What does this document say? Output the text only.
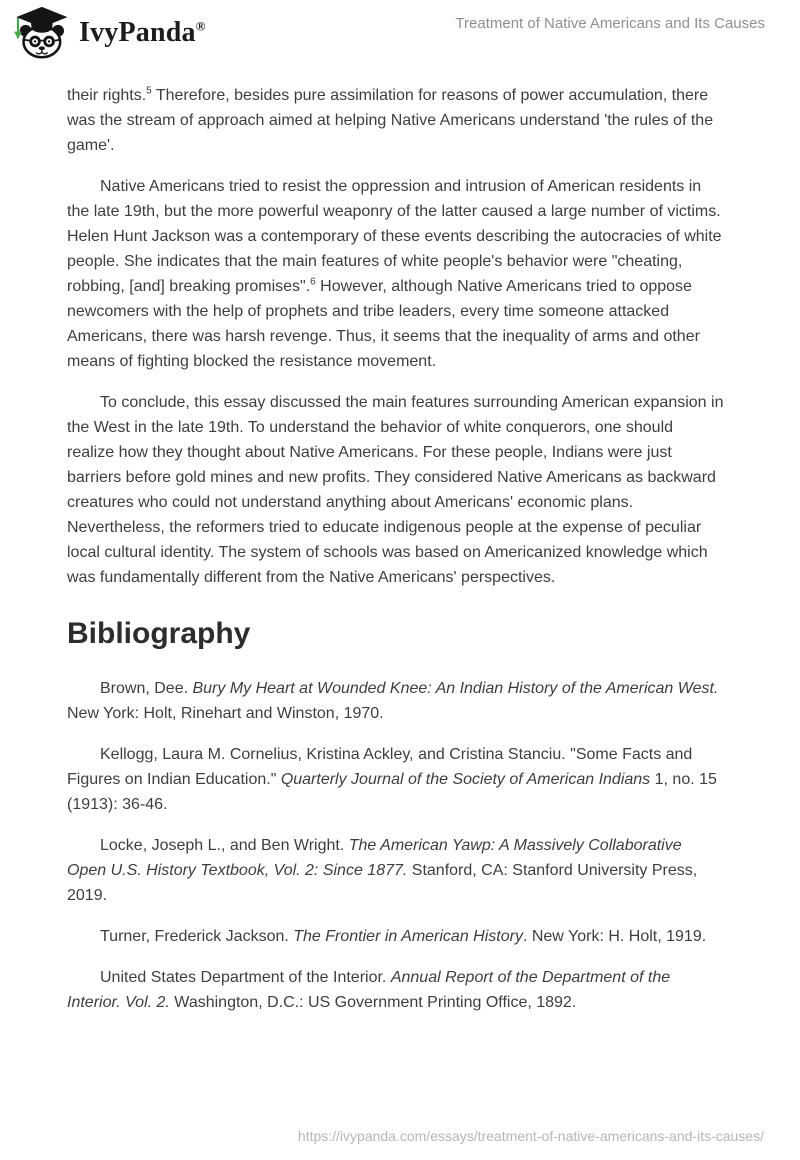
IvyPanda®	Treatment of Native Americans and Its Causes

their rights.$^5$ Therefore, besides pure assimilation for reasons of power accumulation, there was the stream of approach aimed at helping Native Americans understand 'the rules of the game'.

Native Americans tried to resist the oppression and intrusion of American residents in the late 19th, but the more powerful weaponry of the latter caused a large number of victims. Helen Hunt Jackson was a contemporary of these events describing the autocracies of white people. She indicates that the main features of white people's behavior were "cheating, robbing, [and] breaking promises".$^6$ However, although Native Americans tried to oppose newcomers with the help of prophets and tribe leaders, every time someone attacked Americans, there was harsh revenge. Thus, it seems that the inequality of arms and other means of fighting blocked the resistance movement.

To conclude, this essay discussed the main features surrounding American expansion in the West in the late 19th. To understand the behavior of white conquerors, one should realize how they thought about Native Americans. For these people, Indians were just barriers before gold mines and new profits. They considered Native Americans as backward creatures who could not understand anything about Americans' economic plans. Nevertheless, the reformers tried to educate indigenous people at the expense of peculiar local cultural identity. The system of schools was based on Americanized knowledge which was fundamentally different from the Native Americans' perspectives.

Bibliography

Brown, Dee. Bury My Heart at Wounded Knee: An Indian History of the American West. New York: Holt, Rinehart and Winston, 1970.

Kellogg, Laura M. Cornelius, Kristina Ackley, and Cristina Stanciu. "Some Facts and Figures on Indian Education." Quarterly Journal of the Society of American Indians 1, no. 15 (1913): 36-46.

Locke, Joseph L., and Ben Wright. The American Yawp: A Massively Collaborative Open U.S. History Textbook, Vol. 2: Since 1877. Stanford, CA: Stanford University Press, 2019.

Turner, Frederick Jackson. The Frontier in American History. New York: H. Holt, 1919.

United States Department of the Interior. Annual Report of the Department of the Interior. Vol. 2. Washington, D.C.: US Government Printing Office, 1892.

https://ivypanda.com/essays/treatment-of-native-americans-and-its-causes/
